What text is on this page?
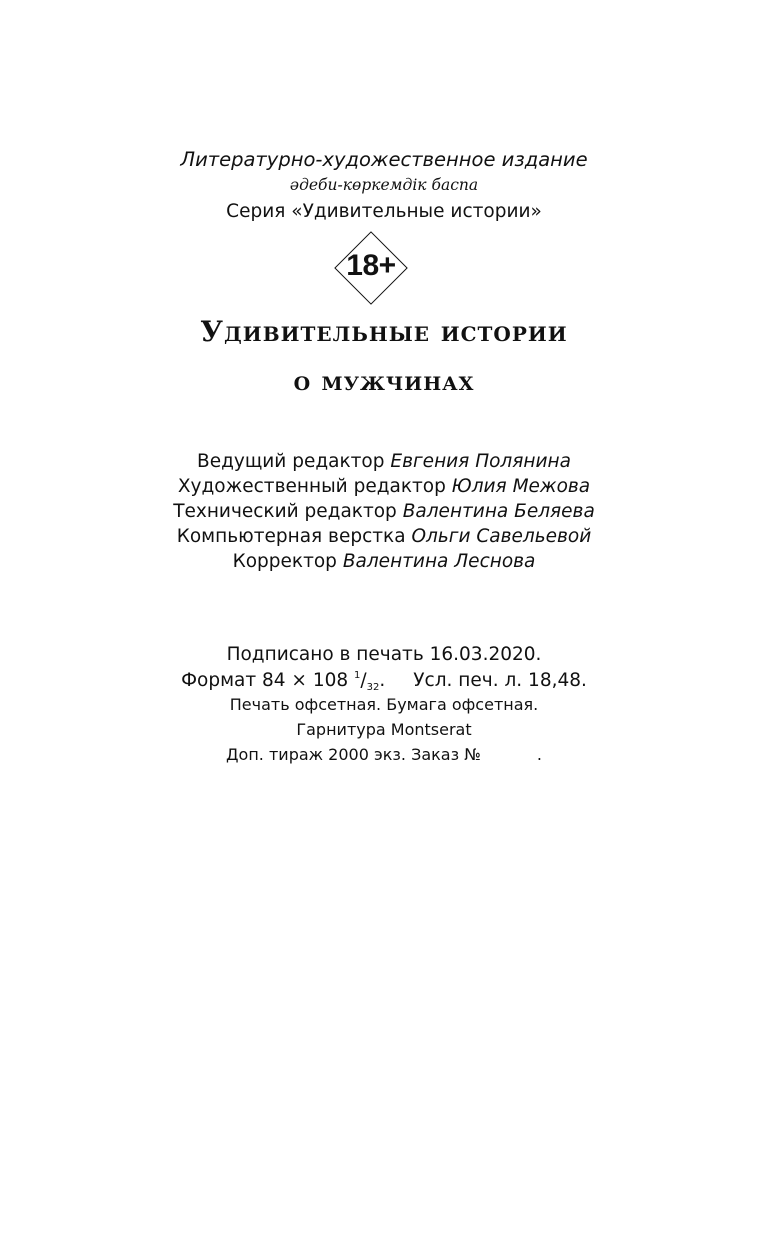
Литературно-художественное издание
әдеби-көркемдік баспа
Серия «Удивительные истории»
18+
Удивительные истории
о мужчинах
Ведущий редактор Евгения Полянина
Художественный редактор Юлия Межова
Технический редактор Валентина Беляева
Компьютерная верстка Ольги Савельевой
Корректор Валентина Леснова
Подписано в печать 16.03.2020.
Формат 84 × 108 $^1/_{32}$. Усл. печ. л. 18,48.
Печать офсетная. Бумага офсетная.
Гарнитура Montserat
Доп. тираж 2000 экз. Заказ №	.
